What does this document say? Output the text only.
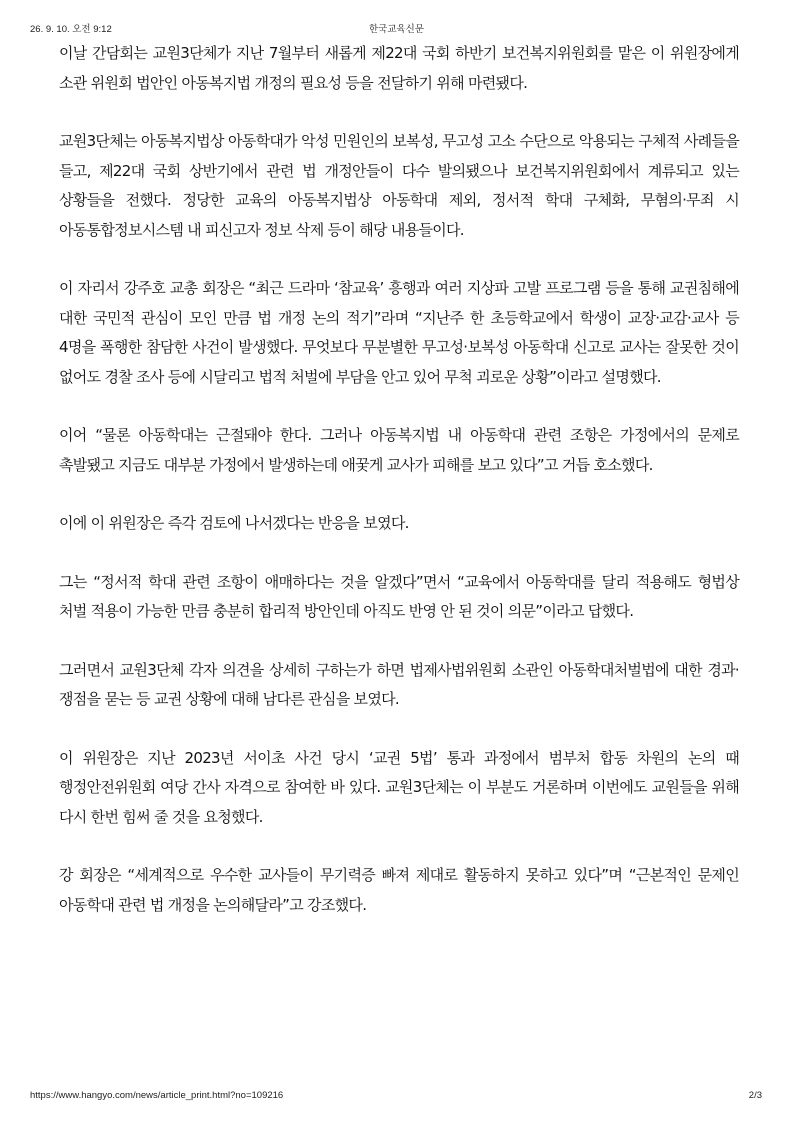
26. 9. 10. 오전 9:12	한국교육신문

이날 간담회는 교원3단체가 지난 7월부터 새롭게 제22대 국회 하반기 보건복지위원회를 맡은 이 위원장에게 소관 위원회 법안인 아동복지법 개정의 필요성 등을 전달하기 위해 마련됐다.

교원3단체는 아동복지법상 아동학대가 악성 민원인의 보복성, 무고성 고소 수단으로 악용되는 구체적 사례들을 들고, 제22대 국회 상반기에서 관련 법 개정안들이 다수 발의됐으나 보건복지위원회에서 계류되고 있는 상황들을 전했다. 정당한 교육의 아동복지법상 아동학대 제외, 정서적 학대 구체화, 무혐의·무죄 시 아동통합정보시스템 내 피신고자 정보 삭제 등이 해당 내용들이다.

이 자리서 강주호 교총 회장은 “최근 드라마 ‘참교육’ 흥행과 여러 지상파 고발 프로그램 등을 통해 교권침해에 대한 국민적 관심이 모인 만큼 법 개정 논의 적기”라며 “지난주 한 초등학교에서 학생이 교장·교감·교사 등 4명을 폭행한 참담한 사건이 발생했다. 무엇보다 무분별한 무고성·보복성 아동학대 신고로 교사는 잘못한 것이 없어도 경찰 조사 등에 시달리고 법적 처벌에 부담을 안고 있어 무척 괴로운 상황”이라고 설명했다.

이어 “물론 아동학대는 근절돼야 한다. 그러나 아동복지법 내 아동학대 관련 조항은 가정에서의 문제로 촉발됐고 지금도 대부분 가정에서 발생하는데 애꿎게 교사가 피해를 보고 있다”고 거듭 호소했다.

이에 이 위원장은 즉각 검토에 나서겠다는 반응을 보였다.

그는 “정서적 학대 관련 조항이 애매하다는 것을 알겠다”면서 “교육에서 아동학대를 달리 적용해도 형법상 처벌 적용이 가능한 만큼 충분히 합리적 방안인데 아직도 반영 안 된 것이 의문”이라고 답했다.

그러면서 교원3단체 각자 의견을 상세히 구하는가 하면 법제사법위원회 소관인 아동학대처벌법에 대한 경과·쟁점을 묻는 등 교권 상황에 대해 남다른 관심을 보였다.

이 위원장은 지난 2023년 서이초 사건 당시 ‘교권 5법’ 통과 과정에서 범부처 합동 차원의 논의 때 행정안전위원회 여당 간사 자격으로 참여한 바 있다. 교원3단체는 이 부분도 거론하며 이번에도 교원들을 위해 다시 한번 힘써 줄 것을 요청했다.

강 회장은 “세계적으로 우수한 교사들이 무기력증 빠져 제대로 활동하지 못하고 있다”며 “근본적인 문제인 아동학대 관련 법 개정을 논의해달라”고 강조했다.

https://www.hangyo.com/news/article_print.html?no=109216	2/3
